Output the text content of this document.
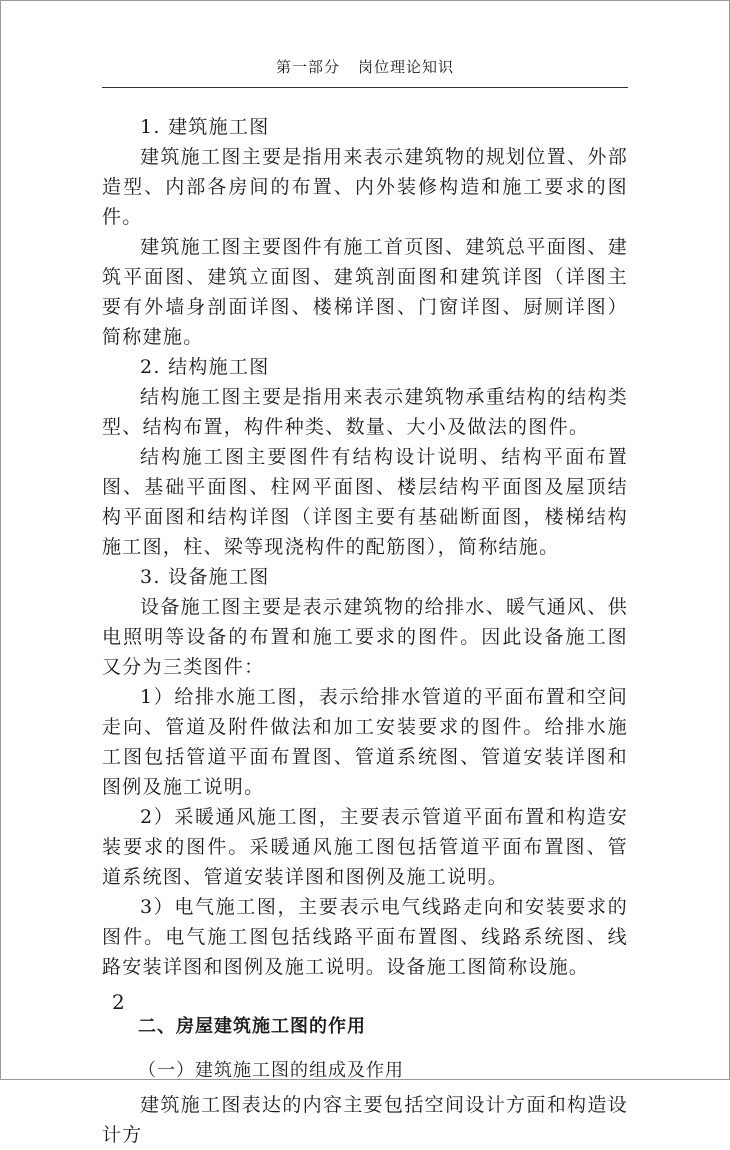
第一部分 岗位理论知识

1. 建筑施工图

建筑施工图主要是指用来表示建筑物的规划位置、外部造型、内部各房间的布置、内外装修构造和施工要求的图件。

建筑施工图主要图件有施工首页图、建筑总平面图、建筑平面图、建筑立面图、建筑剖面图和建筑详图（详图主要有外墙身剖面详图、楼梯详图、门窗详图、厨厕详图）简称建施。

2. 结构施工图

结构施工图主要是指用来表示建筑物承重结构的结构类型、结构布置，构件种类、数量、大小及做法的图件。

结构施工图主要图件有结构设计说明、结构平面布置图、基础平面图、柱网平面图、楼层结构平面图及屋顶结构平面图和结构详图（详图主要有基础断面图，楼梯结构施工图，柱、梁等现浇构件的配筋图），简称结施。

3. 设备施工图

设备施工图主要是表示建筑物的给排水、暖气通风、供电照明等设备的布置和施工要求的图件。因此设备施工图又分为三类图件：

1）给排水施工图，表示给排水管道的平面布置和空间走向、管道及附件做法和加工安装要求的图件。给排水施工图包括管道平面布置图、管道系统图、管道安装详图和图例及施工说明。

2）采暖通风施工图，主要表示管道平面布置和构造安装要求的图件。采暖通风施工图包括管道平面布置图、管道系统图、管道安装详图和图例及施工说明。

3）电气施工图，主要表示电气线路走向和安装要求的图件。电气施工图包括线路平面布置图、线路系统图、线路安装详图和图例及施工说明。设备施工图简称设施。

二、房屋建筑施工图的作用
（一）建筑施工图的组成及作用

建筑施工图表达的内容主要包括空间设计方面和构造设计方

2
